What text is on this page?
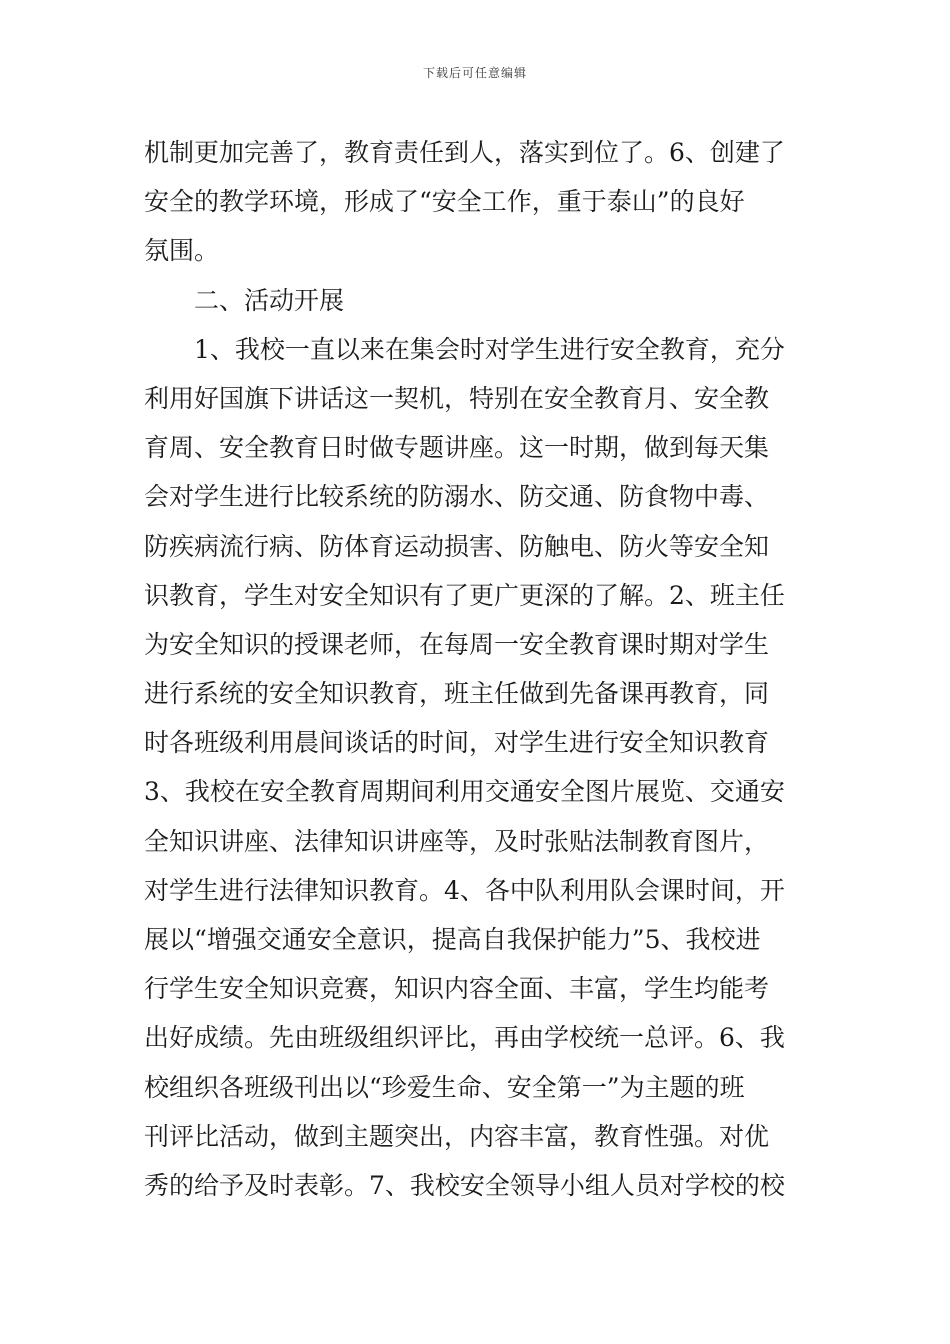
下载后可任意编辑
机制更加完善了，教育责任到人，落实到位了。6、创建了
安全的教学环境，形成了“安全工作，重于泰山”的良好
氛围。
二、活动开展
1、我校一直以来在集会时对学生进行安全教育，充分
利用好国旗下讲话这一契机，特别在安全教育月、安全教
育周、安全教育日时做专题讲座。这一时期，做到每天集
会对学生进行比较系统的防溺水、防交通、防食物中毒、
防疾病流行病、防体育运动损害、防触电、防火等安全知
识教育，学生对安全知识有了更广更深的了解。2、班主任
为安全知识的授课老师，在每周一安全教育课时期对学生
进行系统的安全知识教育，班主任做到先备课再教育，同
时各班级利用晨间谈话的时间，对学生进行安全知识教育
3、我校在安全教育周期间利用交通安全图片展览、交通安
全知识讲座、法律知识讲座等，及时张贴法制教育图片，
对学生进行法律知识教育。4、各中队利用队会课时间，开
展以“增强交通安全意识，提高自我保护能力”5、我校进
行学生安全知识竞赛，知识内容全面、丰富，学生均能考
出好成绩。先由班级组织评比，再由学校统一总评。6、我
校组织各班级刊出以“珍爱生命、安全第一”为主题的班
刊评比活动，做到主题突出，内容丰富，教育性强。对优
秀的给予及时表彰。7、我校安全领导小组人员对学校的校
